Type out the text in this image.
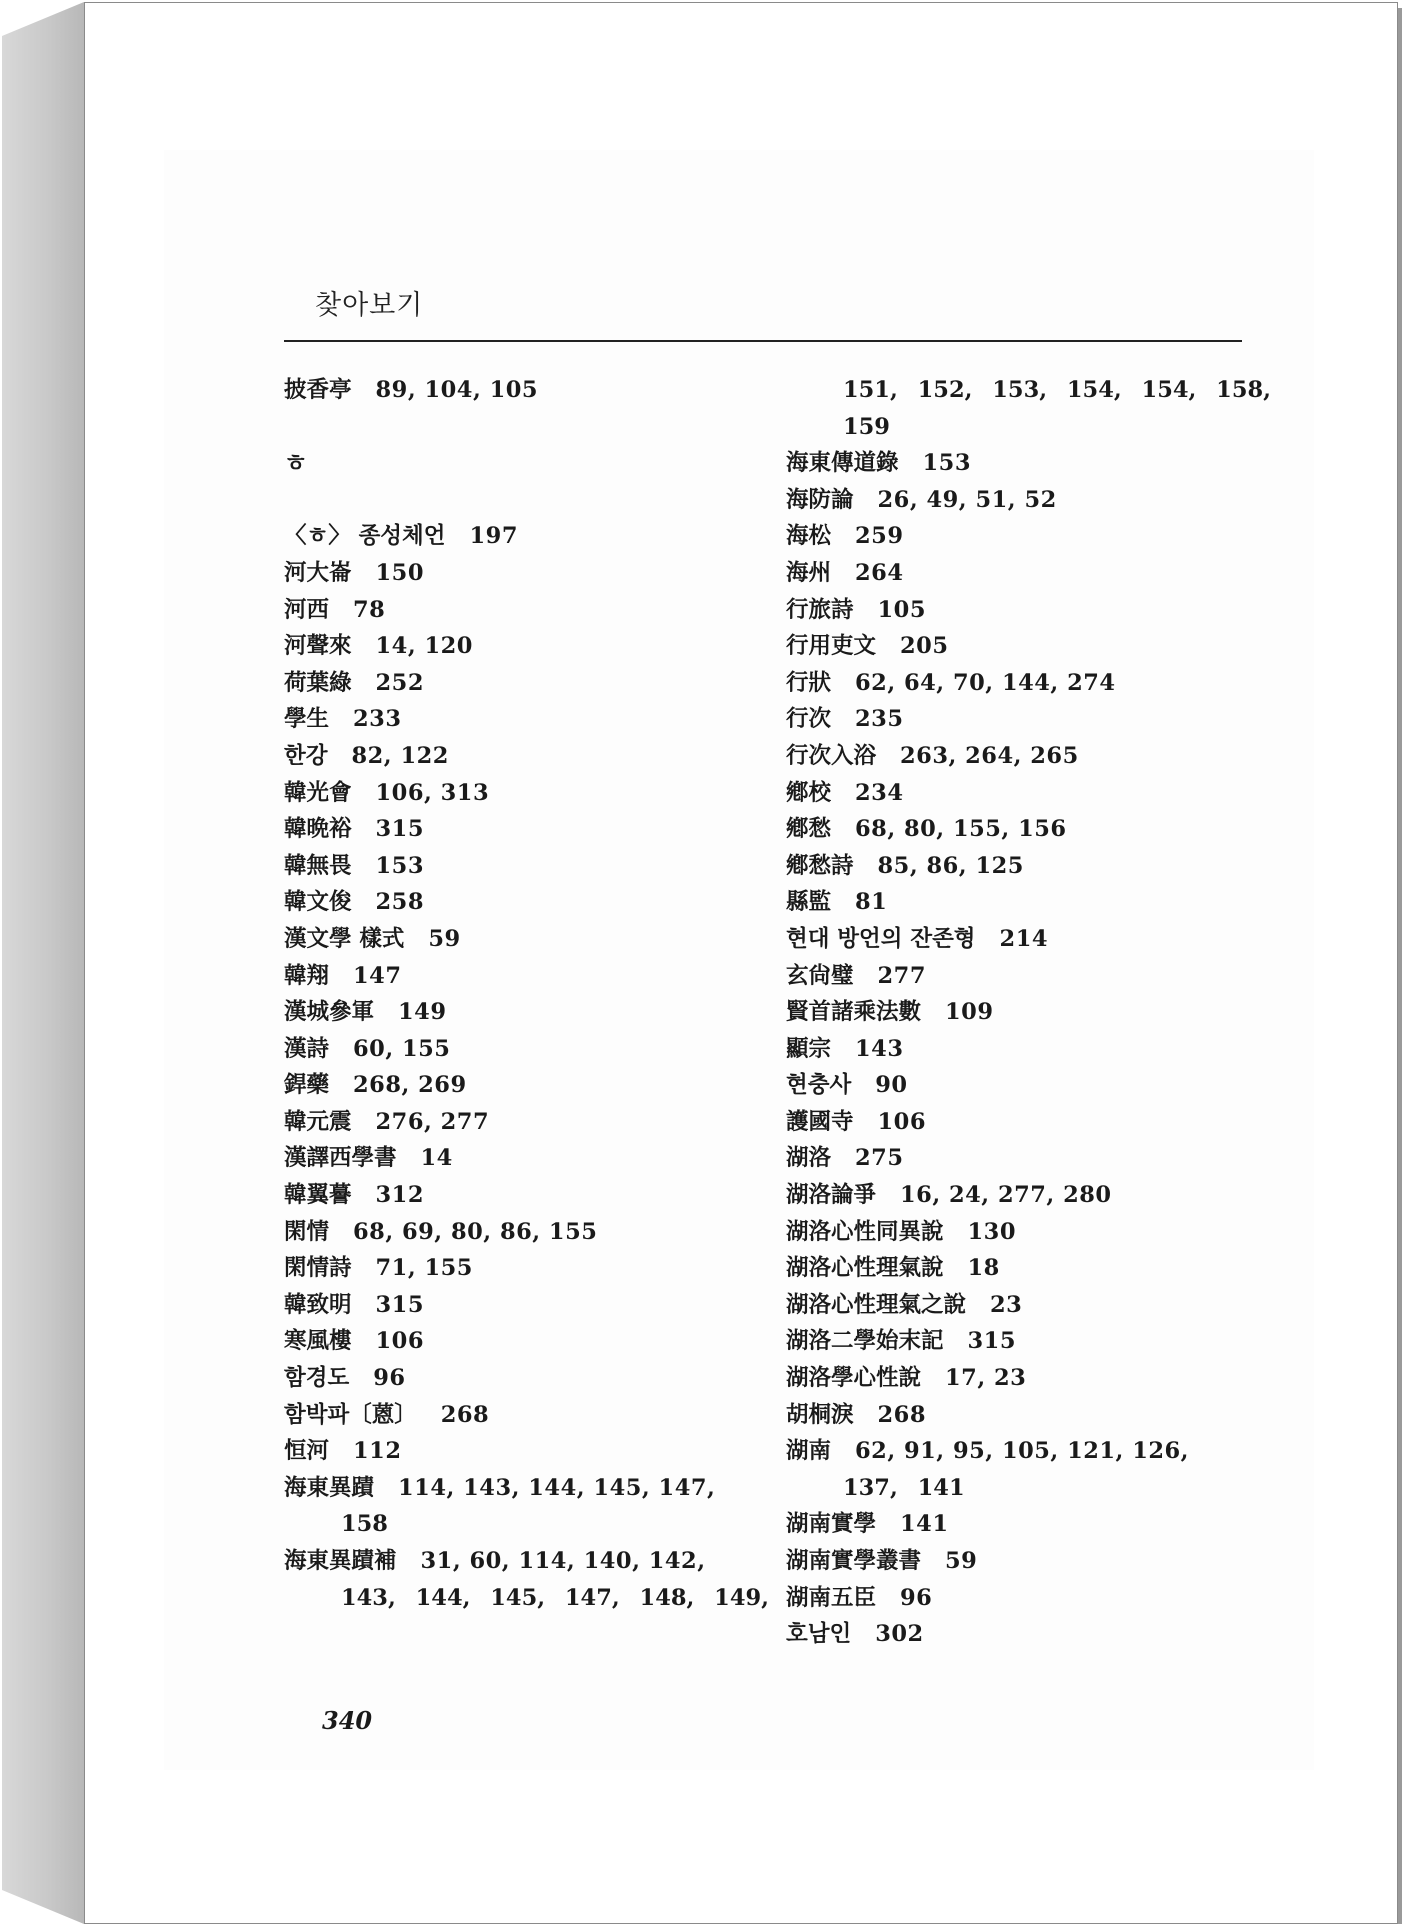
찾아보기
披香亭 89, 104, 105
ㅎ
〈ㅎ〉 종성체언 197
河大崙 150
河西 78
河聲來 14, 120
荷葉綠 252
學生 233
한강 82, 122
韓光會 106, 313
韓晩裕 315
韓無畏 153
韓文俊 258
漢文學 樣式 59
韓翔 147
漢城參軍 149
漢詩 60, 155
銲藥 268, 269
韓元震 276, 277
漢譯西學書 14
韓翼謩 312
閑情 68, 69, 80, 86, 155
閑情詩 71, 155
韓致明 315
寒風樓 106
함경도 96
함박파〔蒽〕 268
恒河 112
海東異蹟 114, 143, 144, 145, 147,
158
海東異蹟補 31, 60, 114, 140, 142,
143, 144, 145, 147, 148, 149,
151, 152, 153, 154, 154, 158,
159
海東傳道錄 153
海防論 26, 49, 51, 52
海松 259
海州 264
行旅詩 105
行用吏文 205
行狀 62, 64, 70, 144, 274
行次 235
行次入浴 263, 264, 265
鄕校 234
鄕愁 68, 80, 155, 156
鄕愁詩 85, 86, 125
縣監 81
현대 방언의 잔존형 214
玄尙璧 277
賢首諸乘法數 109
顯宗 143
현충사 90
護國寺 106
湖洛 275
湖洛論爭 16, 24, 277, 280
湖洛心性同異說 130
湖洛心性理氣說 18
湖洛心性理氣之說 23
湖洛二學始末記 315
湖洛學心性說 17, 23
胡桐淚 268
湖南 62, 91, 95, 105, 121, 126,
137, 141
湖南實學 141
湖南實學叢書 59
湖南五臣 96
호남인 302
340
